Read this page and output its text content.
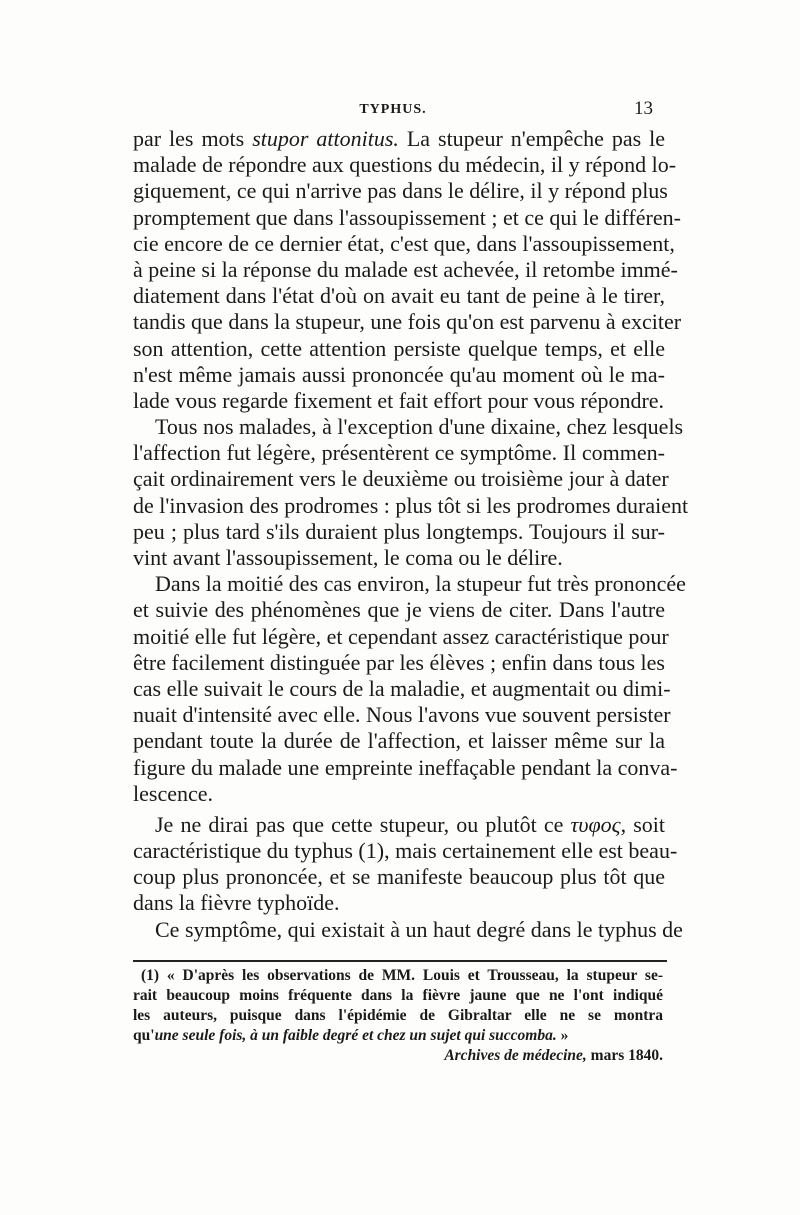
TYPHUS.	13
par les mots stupor attonitus. La stupeur n'empêche pas le
malade de répondre aux questions du médecin, il y répond lo-
giquement, ce qui n'arrive pas dans le délire, il y répond plus
promptement que dans l'assoupissement ; et ce qui le différen-
cie encore de ce dernier état, c'est que, dans l'assoupissement,
à peine si la réponse du malade est achevée, il retombe immé-
diatement dans l'état d'où on avait eu tant de peine à le tirer,
tandis que dans la stupeur, une fois qu'on est parvenu à exciter
son attention, cette attention persiste quelque temps, et elle
n'est même jamais aussi prononcée qu'au moment où le ma-
lade vous regarde fixement et fait effort pour vous répondre.
Tous nos malades, à l'exception d'une dixaine, chez lesquels
l'affection fut légère, présentèrent ce symptôme. Il commen-
çait ordinairement vers le deuxième ou troisième jour à dater
de l'invasion des prodromes : plus tôt si les prodromes duraient
peu ; plus tard s'ils duraient plus longtemps. Toujours il sur-
vint avant l'assoupissement, le coma ou le délire.
Dans la moitié des cas environ, la stupeur fut très prononcée
et suivie des phénomènes que je viens de citer. Dans l'autre
moitié elle fut légère, et cependant assez caractéristique pour
être facilement distinguée par les élèves ; enfin dans tous les
cas elle suivait le cours de la maladie, et augmentait ou dimi-
nuait d'intensité avec elle. Nous l'avons vue souvent persister
pendant toute la durée de l'affection, et laisser même sur la
figure du malade une empreinte ineffaçable pendant la conva-
lescence.
Je ne dirai pas que cette stupeur, ou plutôt ce τυφος, soit
caractéristique du typhus (1), mais certainement elle est beau-
coup plus prononcée, et se manifeste beaucoup plus tôt que
dans la fièvre typhoïde.
Ce symptôme, qui existait à un haut degré dans le typhus de
(1) « D'après les observations de MM. Louis et Trousseau, la stupeur se-
rait beaucoup moins fréquente dans la fièvre jaune que ne l'ont indiqué
les auteurs, puisque dans l'épidémie de Gibraltar elle ne se montra
qu'une seule fois, à un faible degré et chez un sujet qui succomba. »
Archives de médecine, mars 1840.
